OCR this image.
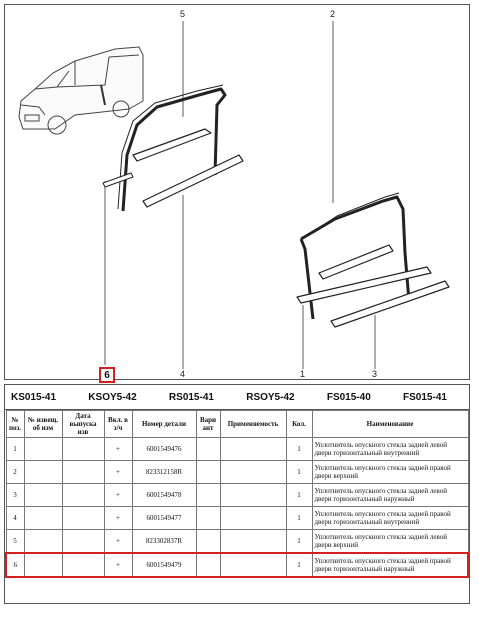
5	2
4	1	3
6
KS015-41	KSOY5-42	RS015-41	RSOY5-42	FS015-40	FS015-41
№ поз.	№ извещ. об изм	Дата выпуска изв	Вкл. в з/ч	Номер детали	Вари ант	Применяемость	Кол.	Наименование
1			+	6001549476			1	Уплотнитель опускного стекла задней левой двери горизонтальный внутренний
2			+	823312158R			1	Уплотнитель опускного стекла задней правой двери верхний
3			+	6001549478			1	Уплотнитель опускного стекла задней левой двери горизонтальный наружный
4			+	6001549477			1	Уплотнитель опускного стекла задней правой двери горизонтальный внутренний
5			+	823302837R			1	Уплотнитель опускного стекла задней левой двери верхний
6			+	6001549479			1	Уплотнитель опускного стекла задней правой двери горизонтальный наружный
